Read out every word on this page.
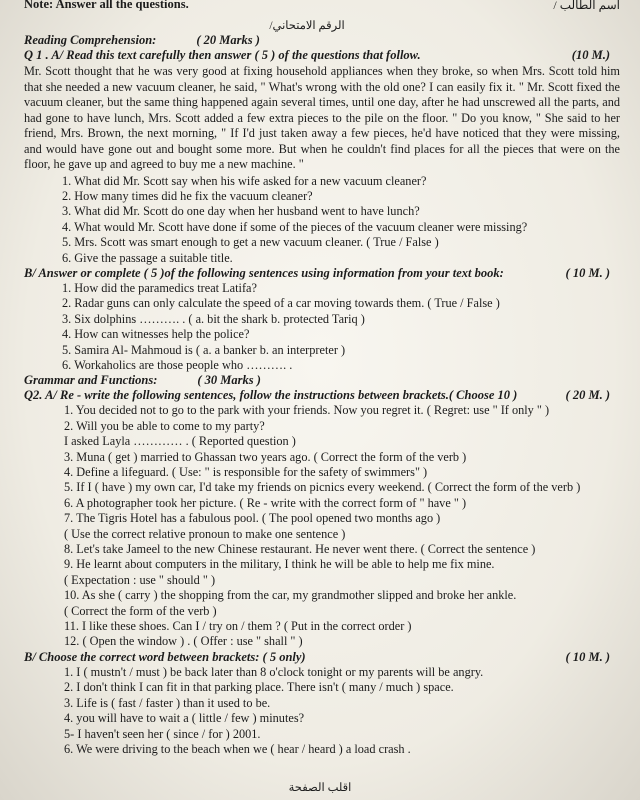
Note: Answer all the questions.	اسم الطالب /
الرقم الامتحاني/
Reading Comprehension:	( 20 Marks )
Q 1 . A/ Read this text carefully then answer ( 5 ) of the questions that follow.	(10 M.)

Mr. Scott thought that he was very good at fixing household appliances when they broke, so when Mrs. Scott told him that she needed a new vacuum cleaner, he said, " What's wrong with the old one? I can easily fix it. " Mr. Scott fixed the vacuum cleaner, but the same thing happened again several times, until one day, after he had unscrewed all the parts, and had gone to have lunch, Mrs. Scott added a few extra pieces to the pile on the floor. " Do you know, " She said to her friend, Mrs. Brown, the next morning, " If I'd just taken away a few pieces, he'd have noticed that they were missing, and would have gone out and bought some more. But when he couldn't find places for all the pieces that were on the floor, he gave up and agreed to buy me a new machine. "

1. What did Mr. Scott say when his wife asked for a new vacuum cleaner?
2. How many times did he fix the vacuum cleaner?
3. What did Mr. Scott do one day when her husband went to have lunch?
4. What would Mr. Scott have done if some of the pieces of the vacuum cleaner were missing?
5. Mrs. Scott was smart enough to get a new vacuum cleaner. ( True / False )
6. Give the passage a suitable title.
B/ Answer or complete ( 5 )of the following sentences using information from your text book:	( 10 M. )
1. How did the paramedics treat Latifa?
2. Radar guns can only calculate the speed of a car moving towards them. ( True / False )
3. Six dolphins ………. . ( a. bit the shark b. protected Tariq )
4. How can witnesses help the police?
5. Samira Al- Mahmoud is ( a. a banker b. an interpreter )
6. Workaholics are those people who ………. .
Grammar and Functions:	( 30 Marks )
Q2. A/ Re - write the following sentences, follow the instructions between brackets.( Choose 10 )	( 20 M. )
1. You decided not to go to the park with your friends. Now you regret it. ( Regret: use " If only " )
2. Will you be able to come to my party?
I asked Layla ………… . ( Reported question )
3. Muna ( get ) married to Ghassan two years ago. ( Correct the form of the verb )
4. Define a lifeguard. ( Use: " is responsible for the safety of swimmers" )
5. If I ( have ) my own car, I'd take my friends on picnics every weekend. ( Correct the form of the verb )
6. A photographer took her picture. ( Re - write with the correct form of " have " )
7. The Tigris Hotel has a fabulous pool. ( The pool opened two months ago )
( Use the correct relative pronoun to make one sentence )
8. Let's take Jameel to the new Chinese restaurant. He never went there. ( Correct the sentence )
9. He learnt about computers in the military, I think he will be able to help me fix mine.
( Expectation : use " should " )
10. As she ( carry ) the shopping from the car, my grandmother slipped and broke her ankle.
( Correct the form of the verb )
11. I like these shoes. Can I / try on / them ? ( Put in the correct order )
12. ( Open the window ) . ( Offer : use " shall " )
B/ Choose the correct word between brackets: ( 5 only)	( 10 M. )
1. I ( mustn't / must ) be back later than 8 o'clock tonight or my parents will be angry.
2. I don't think I can fit in that parking place. There isn't ( many / much ) space.
3. Life is ( fast / faster ) than it used to be.
4. you will have to wait a ( little / few ) minutes?
5- I haven't seen her ( since / for ) 2001.
6. We were driving to the beach when we ( hear / heard ) a load crash .
اقلب الصفحة
